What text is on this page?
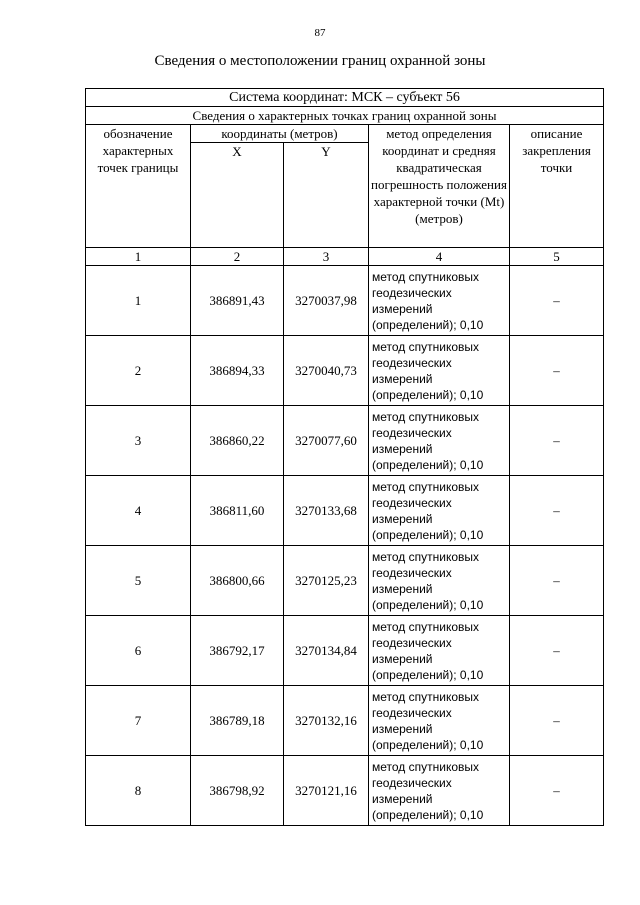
87
Сведения о местоположении границ охранной зоны
Система координат: МСК – субъект 56				
Сведения о характерных точках границ охранной зоны				
обозначение характерных точек границы	координаты (метров)		метод определения координат и средняя квадратическая погрешность положения характерной точки (Mt) (метров)	описание закрепления точки
	X	Y		
1	2	3	4	5
1	386891,43	3270037,98	метод спутниковых геодезических измерений (определений); 0,10	–
2	386894,33	3270040,73	метод спутниковых геодезических измерений (определений); 0,10	–
3	386860,22	3270077,60	метод спутниковых геодезических измерений (определений); 0,10	–
4	386811,60	3270133,68	метод спутниковых геодезических измерений (определений); 0,10	–
5	386800,66	3270125,23	метод спутниковых геодезических измерений (определений); 0,10	–
6	386792,17	3270134,84	метод спутниковых геодезических измерений (определений); 0,10	–
7	386789,18	3270132,16	метод спутниковых геодезических измерений (определений); 0,10	–
8	386798,92	3270121,16	метод спутниковых геодезических измерений (определений); 0,10	–
